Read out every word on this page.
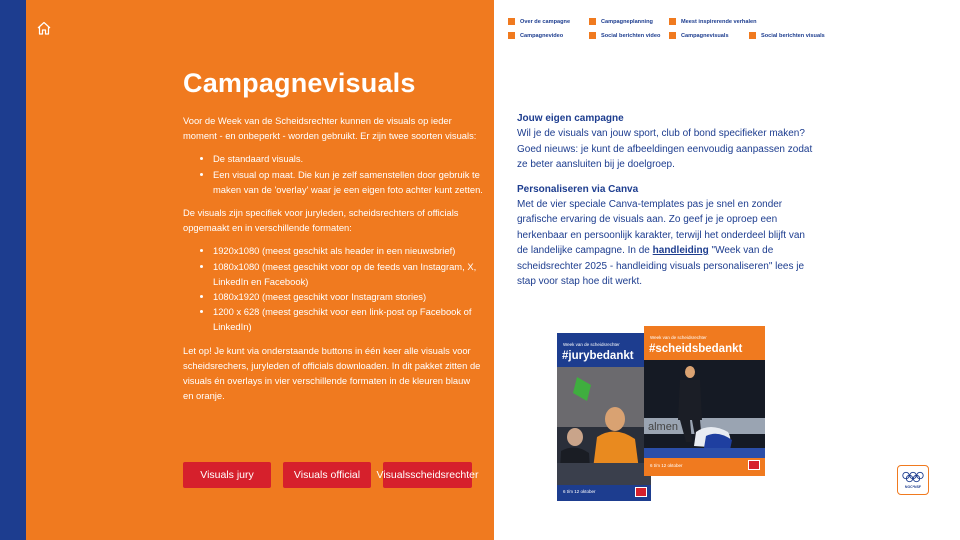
Campagnevisuals

Voor de Week van de Scheidsrechter kunnen de visuals op ieder moment - en onbeperkt - worden gebruikt. Er zijn twee soorten visuals:

• De standaard visuals.
• Een visual op maat. Die kun je zelf samenstellen door gebruik te maken van de 'overlay' waar je een eigen foto achter kunt zetten.

De visuals zijn specifiek voor juryleden, scheidsrechters of officials opgemaakt en in verschillende formaten:

• 1920x1080 (meest geschikt als header in een nieuwsbrief)
• 1080x1080 (meest geschikt voor op de feeds van Instagram, X, LinkedIn en Facebook)
• 1080x1920 (meest geschikt voor Instagram stories)
• 1200 x 628 (meest geschikt voor een link-post op Facebook of LinkedIn)

Let op! Je kunt via onderstaande buttons in één keer alle visuals voor scheidsrechers, juryleden of officials downloaden. In dit pakket zitten de visuals én overlays in vier verschillende formaten in de kleuren blauw en oranje.

Visuals jury	Visuals official	Visuals scheidsrechter
Over de campagne	Campagneplanning	Meest inspirerende verhalen
Campagnevideo	Social berichten video	Campagnevisuals	Social berichten visuals
Jouw eigen campagne

Wil je de visuals van jouw sport, club of bond specifieker maken? Goed nieuws: je kunt de afbeeldingen eenvoudig aanpassen zodat ze beter aansluiten bij je doelgroep.

Personaliseren via Canva

Met de vier speciale Canva-templates pas je snel en zonder grafische ervaring de visuals aan. Zo geef je je oproep een herkenbaar en persoonlijk karakter, terwijl het onderdeel blijft van de landelijke campagne. In de handleiding "Week van de scheidsrechter 2025 - handleiding visuals personaliseren" lees je stap voor stap hoe dit werkt.

Week van de scheidsrechter
#jurybedankt
6 t/m 12 oktober
Week van de scheidsrechter
#scheidsbedankt
almen
6 t/m 12 oktober
NOC*NSF
